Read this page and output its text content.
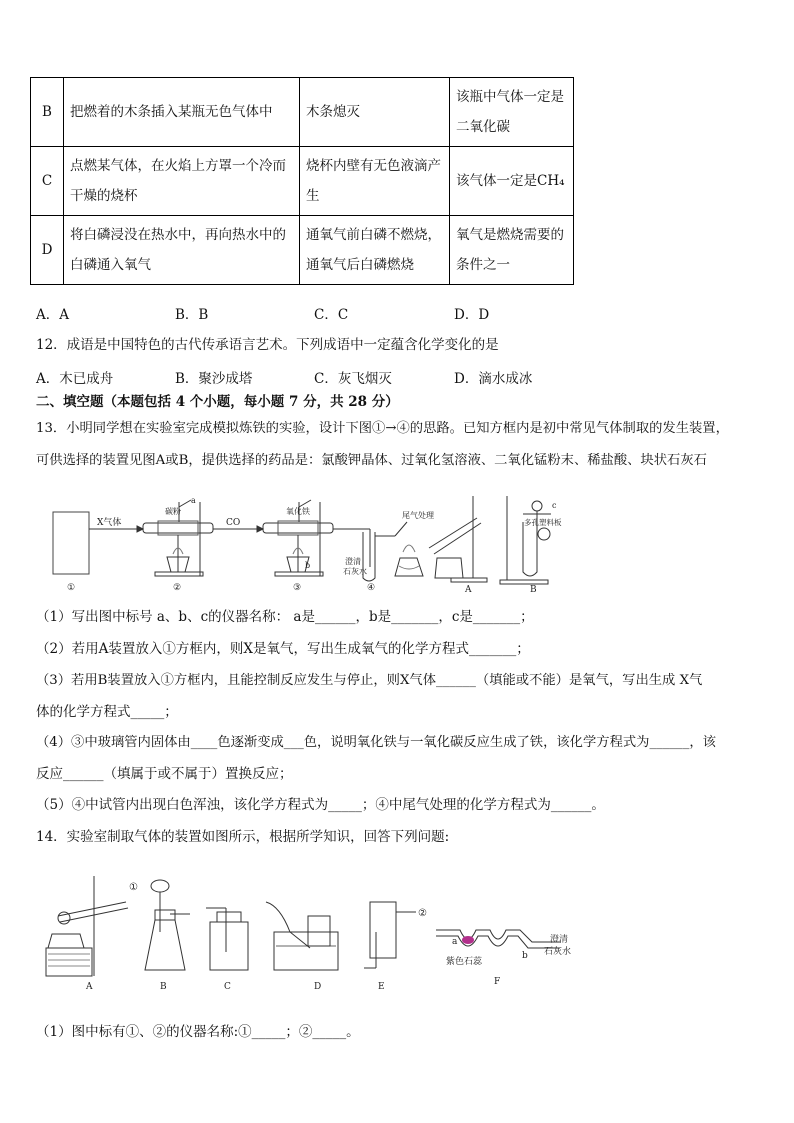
B	把燃着的木条插入某瓶无色气体中	木条熄灭	该瓶中气体一定是二氧化碳
C	点燃某气体，在火焰上方罩一个冷而干燥的烧杯	烧杯内壁有无色液滴产生	该气体一定是CH₄
D	将白磷浸没在热水中，再向热水中的白磷通入氧气	通氧气前白磷不燃烧，通氧气后白磷燃烧	氧气是燃烧需要的条件之一
A．A	B．B	C．C	D．D
12．成语是中国特色的古代传承语言艺术。下列成语中一定蕴含化学变化的是
A．木已成舟	B．聚沙成塔	C．灰飞烟灭	D．滴水成冰
二、填空题（本题包括 4 个小题，每小题 7 分，共 28 分）
13．小明同学想在实验室完成模拟炼铁的实验，设计下图①→④的思路。已知方框内是初中常见气体制取的发生装置，
可供选择的装置见图A或B，提供选择的药品是：氯酸钾晶体、过氧化氢溶液、二氧化锰粉末、稀盐酸、块状石灰石
X气体	CO
碳粉
a
氧化铁
b
尾气处理
澄清
石灰水
c
多孔塑料板
①	②	③	④	A	B
（1）写出图中标号 a、b、c的仪器名称： a是______，b是_______，c是_______；
（2）若用A装置放入①方框内，则X是氧气，写出生成氧气的化学方程式_______；
（3）若用B装置放入①方框内，且能控制反应发生与停止，则X气体______（填能或不能）是氧气，写出生成 X气
体的化学方程式_____；
（4）③中玻璃管内固体由____色逐渐变成___色，说明氧化铁与一氧化碳反应生成了铁，该化学方程式为______，该
反应______（填属于或不属于）置换反应；
（5）④中试管内出现白色浑浊，该化学方程式为_____；④中尾气处理的化学方程式为______。
14．实验室制取气体的装置如图所示，根据所学知识，回答下列问题:
A	B	C	D	E	F
①
②
a
b
紫色石蕊
澄清
石灰水
（1）图中标有①、②的仪器名称:①_____；②_____。
